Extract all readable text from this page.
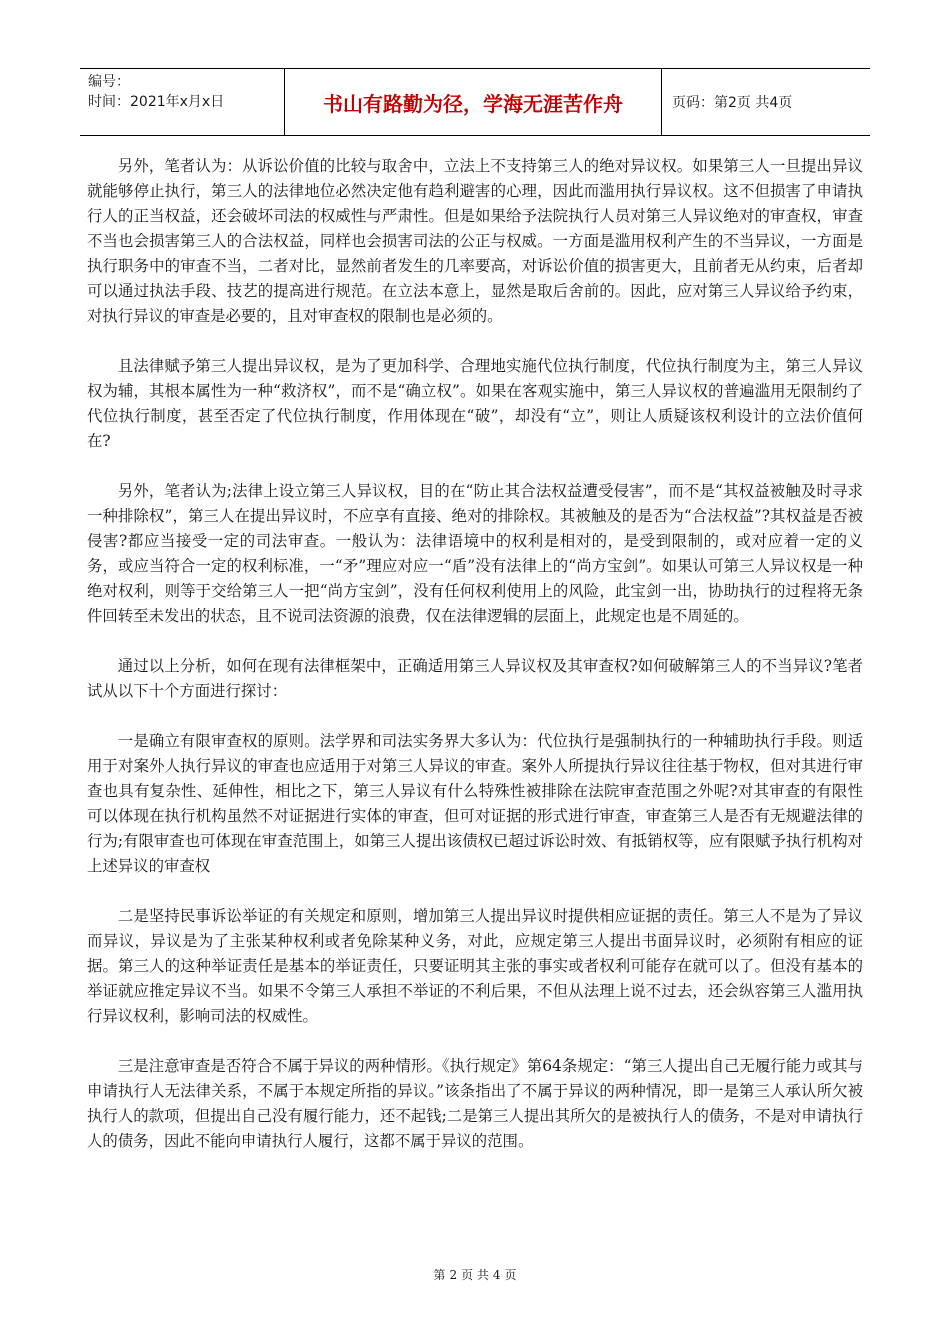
编号：
时间：2021年x月x日	书山有路勤为径，学海无涯苦作舟	页码：第2页 共4页

另外，笔者认为：从诉讼价值的比较与取舍中，立法上不支持第三人的绝对异议权。如果第三人一旦提出异议就能够停止执行，第三人的法律地位必然决定他有趋利避害的心理，因此而滥用执行异议权。这不但损害了申请执行人的正当权益，还会破坏司法的权威性与严肃性。但是如果给予法院执行人员对第三人异议绝对的审查权，审查不当也会损害第三人的合法权益，同样也会损害司法的公正与权威。一方面是滥用权利产生的不当异议，一方面是执行职务中的审查不当，二者对比，显然前者发生的几率要高，对诉讼价值的损害更大，且前者无从约束，后者却可以通过执法手段、技艺的提高进行规范。在立法本意上，显然是取后舍前的。因此，应对第三人异议给予约束，对执行异议的审查是必要的，且对审查权的限制也是必须的。

且法律赋予第三人提出异议权，是为了更加科学、合理地实施代位执行制度，代位执行制度为主，第三人异议权为辅，其根本属性为一种“救济权”，而不是“确立权”。如果在客观实施中，第三人异议权的普遍滥用无限制约了代位执行制度，甚至否定了代位执行制度，作用体现在“破”，却没有“立”，则让人质疑该权利设计的立法价值何在?

另外，笔者认为;法律上设立第三人异议权，目的在“防止其合法权益遭受侵害”，而不是“其权益被触及时寻求一种排除权”，第三人在提出异议时，不应享有直接、绝对的排除权。其被触及的是否为“合法权益”?其权益是否被侵害?都应当接受一定的司法审查。一般认为：法律语境中的权利是相对的，是受到限制的，或对应着一定的义务，或应当符合一定的权利标准，一“矛”理应对应一“盾”没有法律上的“尚方宝剑”。如果认可第三人异议权是一种绝对权利，则等于交给第三人一把“尚方宝剑”，没有任何权利使用上的风险，此宝剑一出，协助执行的过程将无条件回转至未发出的状态，且不说司法资源的浪费，仅在法律逻辑的层面上，此规定也是不周延的。

通过以上分析，如何在现有法律框架中，正确适用第三人异议权及其审查权?如何破解第三人的不当异议?笔者试从以下十个方面进行探讨：

一是确立有限审查权的原则。法学界和司法实务界大多认为：代位执行是强制执行的一种辅助执行手段。则适用于对案外人执行异议的审查也应适用于对第三人异议的审查。案外人所提执行异议往往基于物权，但对其进行审查也具有复杂性、延伸性，相比之下，第三人异议有什么特殊性被排除在法院审查范围之外呢?对其审查的有限性可以体现在执行机构虽然不对证据进行实体的审查，但可对证据的形式进行审查，审查第三人是否有无规避法律的行为;有限审查也可体现在审查范围上，如第三人提出该债权已超过诉讼时效、有抵销权等，应有限赋予执行机构对上述异议的审查权

二是坚持民事诉讼举证的有关规定和原则，增加第三人提出异议时提供相应证据的责任。第三人不是为了异议而异议，异议是为了主张某种权利或者免除某种义务，对此，应规定第三人提出书面异议时，必须附有相应的证据。第三人的这种举证责任是基本的举证责任，只要证明其主张的事实或者权利可能存在就可以了。但没有基本的举证就应推定异议不当。如果不令第三人承担不举证的不利后果，不但从法理上说不过去，还会纵容第三人滥用执行异议权利，影响司法的权威性。

三是注意审查是否符合不属于异议的两种情形。《执行规定》第64条规定：“第三人提出自己无履行能力或其与申请执行人无法律关系，不属于本规定所指的异议。”该条指出了不属于异议的两种情况，即一是第三人承认所欠被执行人的款项，但提出自己没有履行能力，还不起钱;二是第三人提出其所欠的是被执行人的债务，不是对申请执行人的债务，因此不能向申请执行人履行，这都不属于异议的范围。

第 2 页 共 4 页
